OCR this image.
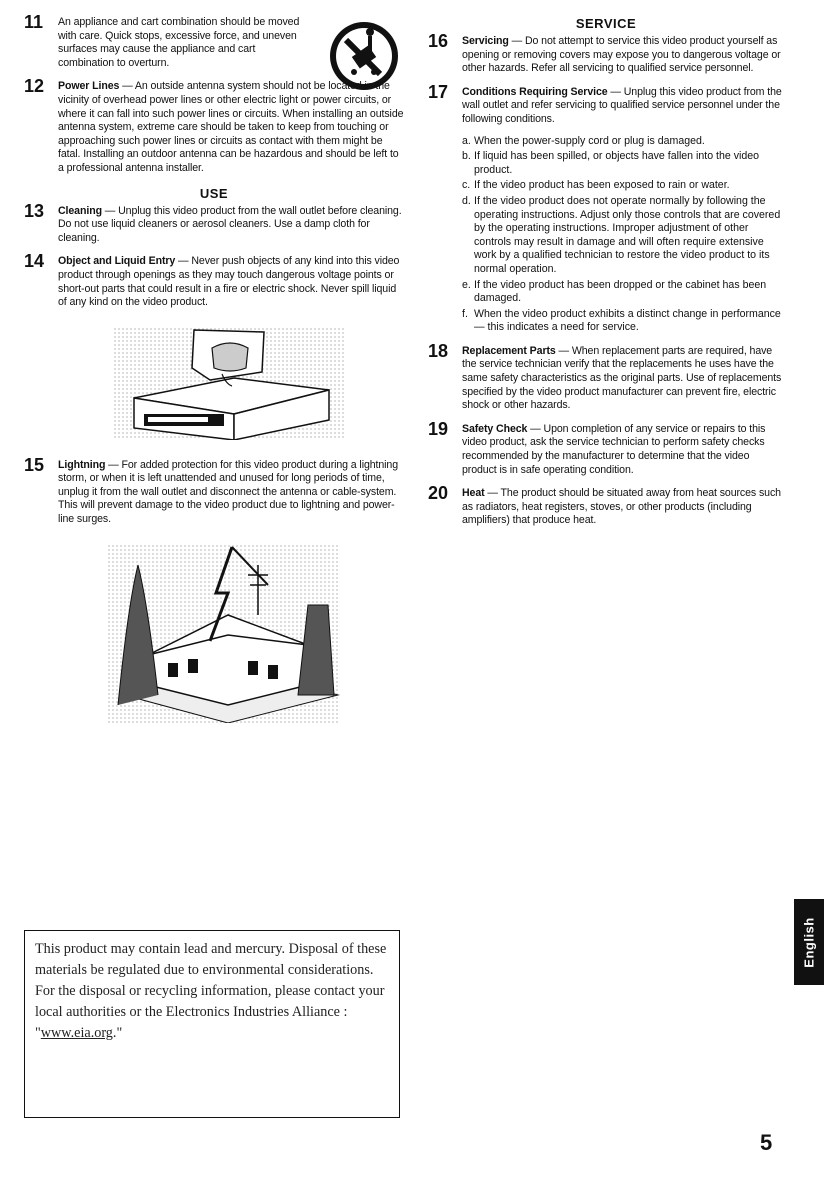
11 An appliance and cart combination should be moved with care. Quick stops, excessive force, and uneven surfaces may cause the appliance and cart combination to overturn.

12 Power Lines — An outside antenna system should not be located in the vicinity of overhead power lines or other electric light or power circuits, or where it can fall into such power lines or circuits. When installing an outside antenna system, extreme care should be taken to keep from touching or approaching such power lines or circuits as contact with them might be fatal. Installing an outdoor antenna can be hazardous and should be left to a professional antenna installer.

USE
13 Cleaning — Unplug this video product from the wall outlet before cleaning. Do not use liquid cleaners or aerosol cleaners. Use a damp cloth for cleaning.

14 Object and Liquid Entry — Never push objects of any kind into this video product through openings as they may touch dangerous voltage points or short-out parts that could result in a fire or electric shock. Never spill liquid of any kind on the video product.

15 Lightning — For added protection for this video product during a lightning storm, or when it is left unattended and unused for long periods of time, unplug it from the wall outlet and disconnect the antenna or cable-system. This will prevent damage to the video product due to lightning and power-line surges.

This product may contain lead and mercury. Disposal of these materials be regulated due to environmental considerations. For the disposal or recycling information, please contact your local authorities or the Electronics Industries Alliance : "www.eia.org."

SERVICE
16 Servicing — Do not attempt to service this video product yourself as opening or removing covers may expose you to dangerous voltage or other hazards. Refer all servicing to qualified service personnel.

17 Conditions Requiring Service — Unplug this video product from the wall outlet and refer servicing to qualified service personnel under the following conditions.

a. When the power-supply cord or plug is damaged.
b. If liquid has been spilled, or objects have fallen into the video product.
c. If the video product has been exposed to rain or water.
d. If the video product does not operate normally by following the operating instructions. Adjust only those controls that are covered by the operating instructions. Improper adjustment of other controls may result in damage and will often require extensive work by a qualified technician to restore the video product to its normal operation.
e. If the video product has been dropped or the cabinet has been damaged.
f. When the video product exhibits a distinct change in performance — this indicates a need for service.
18 Replacement Parts — When replacement parts are required, have the service technician verify that the replacements he uses have the same safety characteristics as the original parts. Use of replacements specified by the video product manufacturer can prevent fire, electric shock or other hazards.

19 Safety Check — Upon completion of any service or repairs to this video product, ask the service technician to perform safety checks recommended by the manufacturer to determine that the video product is in safe operating condition.

20 Heat — The product should be situated away from heat sources such as radiators, heat registers, stoves, or other products (including amplifiers) that produce heat.

English
5
